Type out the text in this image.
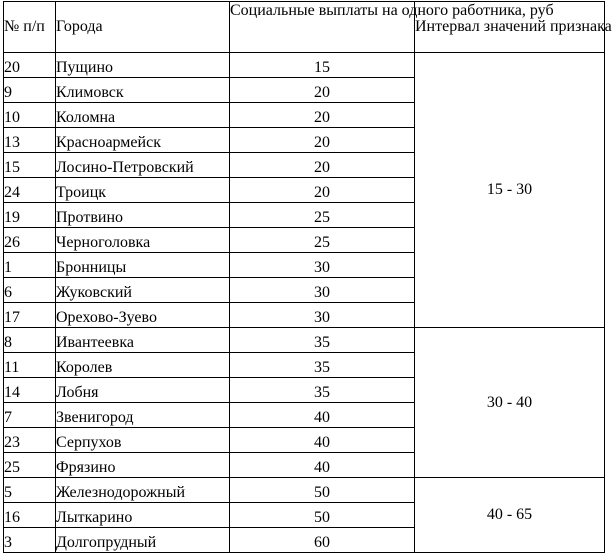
№ п/п	Города	Социальные выплаты на одного работника, руб	Интервал значений признака
20	Пущино	15	15 - 30
9	Климовск	20	
10	Коломна	20	
13	Красноармейск	20	
15	Лосино-Петровский	20	
24	Троицк	20	
19	Протвино	25	
26	Черноголовка	25	
1	Бронницы	30	
6	Жуковский	30	
17	Орехово-Зуево	30	
8	Ивантеевка	35	30 - 40
11	Королев	35	
14	Лобня	35	
7	Звенигород	40	
23	Серпухов	40	
25	Фрязино	40	
5	Железнодорожный	50	40 - 65
16	Лыткарино	50	
3	Долгопрудный	60	
